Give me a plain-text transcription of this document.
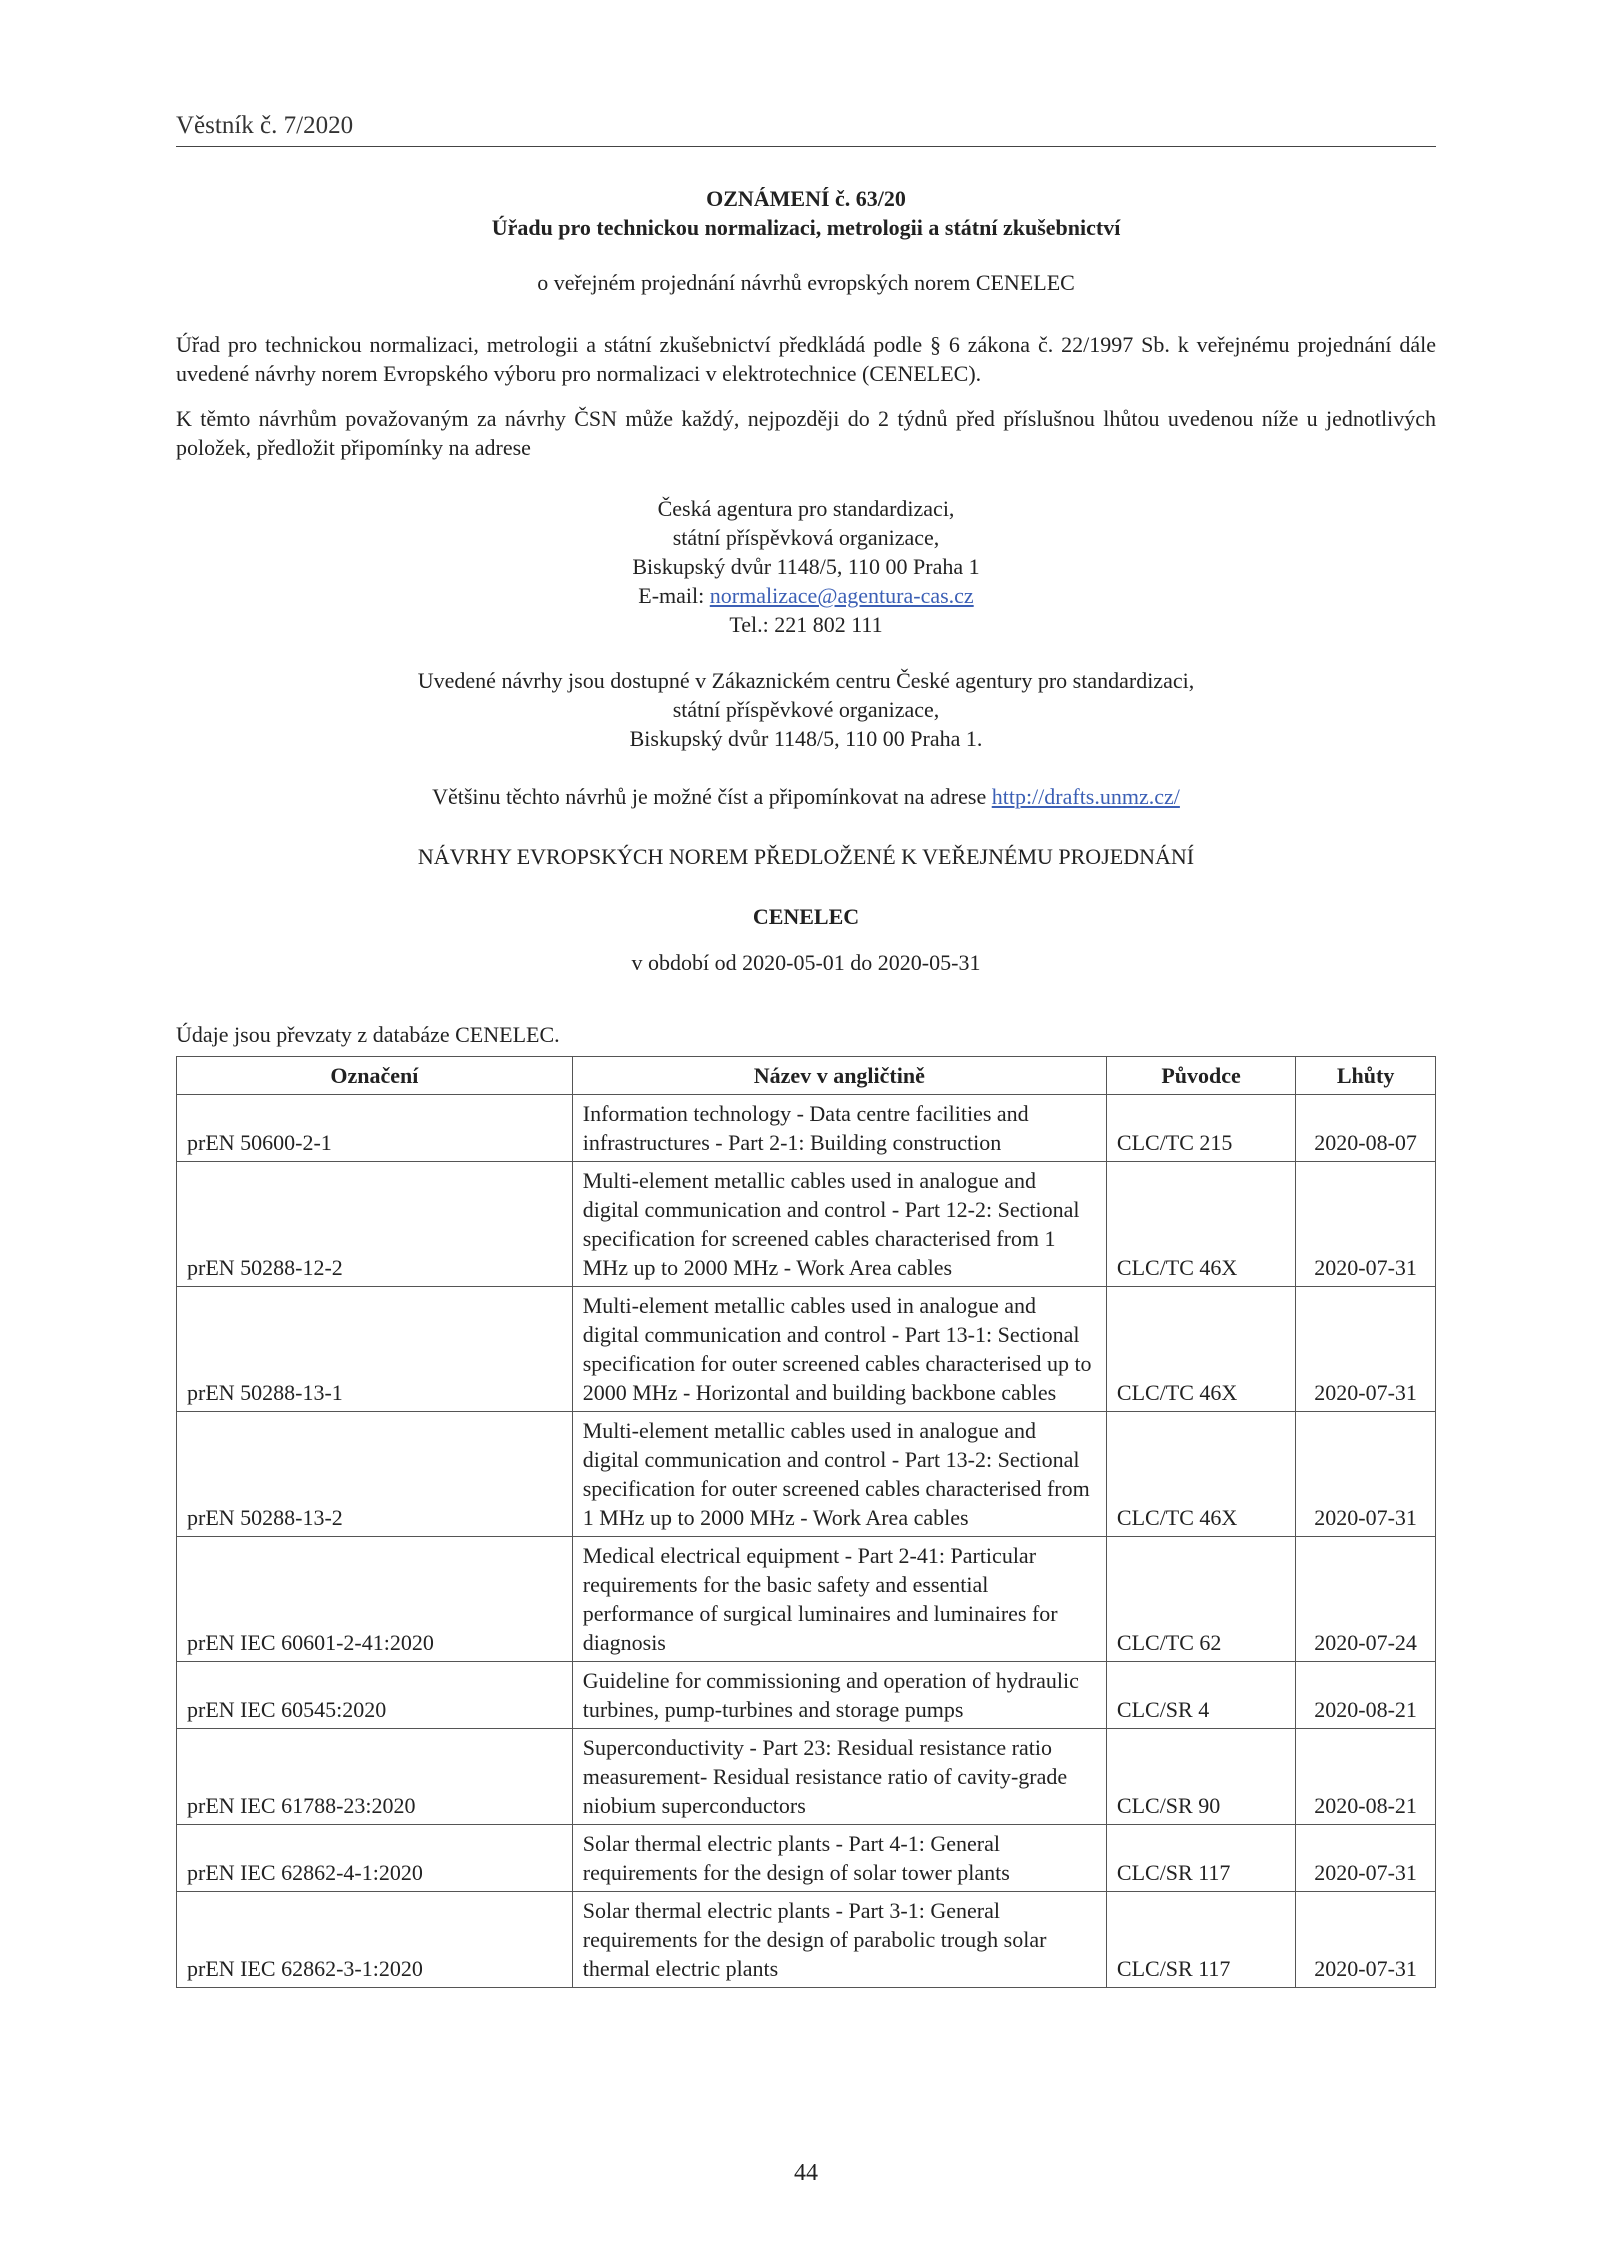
Věstník č. 7/2020
OZNÁMENÍ č. 63/20
Úřadu pro technickou normalizaci, metrologii a státní zkušebnictví
o veřejném projednání návrhů evropských norem CENELEC
Úřad pro technickou normalizaci, metrologii a státní zkušebnictví předkládá podle § 6 zákona č. 22/1997 Sb. k veřejnému projednání dále uvedené návrhy norem Evropského výboru pro normalizaci v elektrotechnice (CENELEC).
K těmto návrhům považovaným za návrhy ČSN může každý, nejpozději do 2 týdnů před příslušnou lhůtou uvedenou níže u jednotlivých položek, předložit připomínky na adrese
Česká agentura pro standardizaci,
státní příspěvková organizace,
Biskupský dvůr 1148/5, 110 00 Praha 1
E-mail: normalizace@agentura-cas.cz
Tel.: 221 802 111
Uvedené návrhy jsou dostupné v Zákaznickém centru České agentury pro standardizaci,
státní příspěvkové organizace,
Biskupský dvůr 1148/5, 110 00 Praha 1.
Většinu těchto návrhů je možné číst a připomínkovat na adrese http://drafts.unmz.cz/
NÁVRHY EVROPSKÝCH NOREM PŘEDLOŽENÉ K VEŘEJNÉMU PROJEDNÁNÍ
CENELEC
v období od 2020-05-01 do 2020-05-31
Údaje jsou převzaty z databáze CENELEC.
Označení	Název v angličtině	Původce	Lhůty
prEN 50600-2-1	Information technology - Data centre facilities and infrastructures - Part 2-1: Building construction	CLC/TC 215	2020-08-07
prEN 50288-12-2	Multi-element metallic cables used in analogue and digital communication and control - Part 12-2: Sectional specification for screened cables characterised from 1 MHz up to 2000 MHz - Work Area cables	CLC/TC 46X	2020-07-31
prEN 50288-13-1	Multi-element metallic cables used in analogue and digital communication and control - Part 13-1: Sectional specification for outer screened cables characterised up to 2000 MHz - Horizontal and building backbone cables	CLC/TC 46X	2020-07-31
prEN 50288-13-2	Multi-element metallic cables used in analogue and digital communication and control - Part 13-2: Sectional specification for outer screened cables characterised from 1 MHz up to 2000 MHz - Work Area cables	CLC/TC 46X	2020-07-31
prEN IEC 60601-2-41:2020	Medical electrical equipment - Part 2-41: Particular requirements for the basic safety and essential performance of surgical luminaires and luminaires for diagnosis	CLC/TC 62	2020-07-24
prEN IEC 60545:2020	Guideline for commissioning and operation of hydraulic turbines, pump-turbines and storage pumps	CLC/SR 4	2020-08-21
prEN IEC 61788-23:2020	Superconductivity - Part 23: Residual resistance ratio measurement- Residual resistance ratio of cavity-grade niobium superconductors	CLC/SR 90	2020-08-21
prEN IEC 62862-4-1:2020	Solar thermal electric plants - Part 4-1: General requirements for the design of solar tower plants	CLC/SR 117	2020-07-31
prEN IEC 62862-3-1:2020	Solar thermal electric plants - Part 3-1: General requirements for the design of parabolic trough solar thermal electric plants	CLC/SR 117	2020-07-31
44
